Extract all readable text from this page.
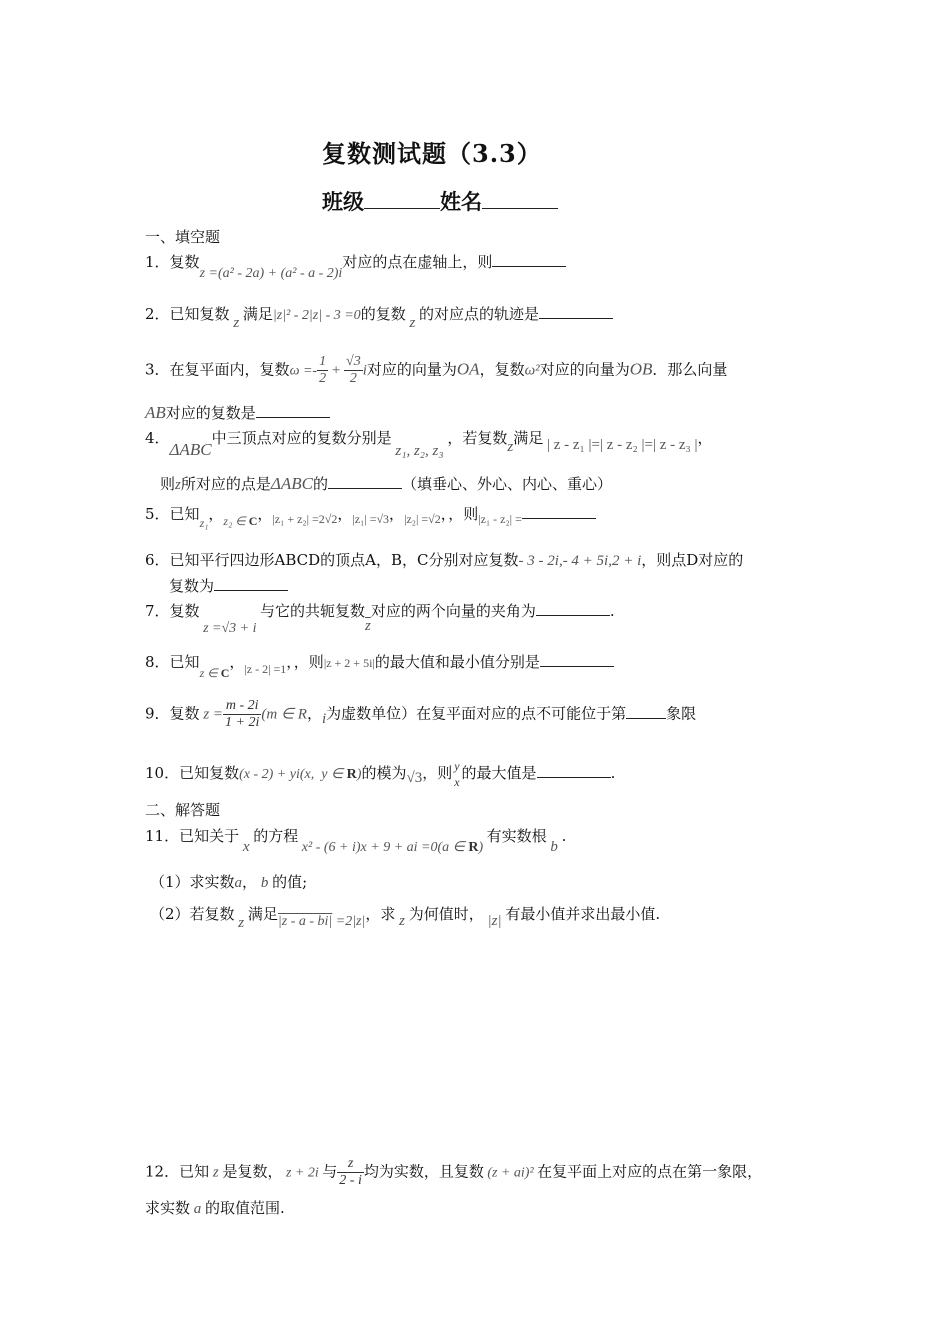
复数测试题（3.3）
班级	姓名
一、填空题
1．复数z =(a² - 2a) + (a² - a - 2)i对应的点在虚轴上，则
2．已知复数 z 满足|z|² - 2|z| - 3 =0的复数 z 的对应点的轨迹是
3．在复平面内，复数$\omega =- \frac{1}{2} + \frac{√3}{2}$ i对应的向量为OA，复数ω²对应的向量为OB．那么向量
AB对应的复数是
4．ΔABC中三顶点对应的复数分别是 z₁, z₂, z₃ ，若复数z满足 | z - z₁ |=| z - z₂ |=| z - z₃ |，
则z所对应的点是ΔABC的	（填垂心、外心、内心、重心）
5．已知$_{z_1}$，$_{z_2 \in C}$，$_{|z_1 + z_2| =2√2}$，$_{|z_1| =√3}$，$_{|z_2| =√2}$，，则$_{|z_1 - z_2| =}$
6．已知平行四边形ABCD的顶点A，B，C分别对应复数- 3 - 2i,- 4 + 5i,2 + i，则点D对应的
复数为
7．复数 z =√3 + i 与它的共轭复数$\overline{z}$对应的两个向量的夹角为	.
8．已知$_{z \in C}$，$_{|z - 2| =1}$，，则|z + 2 + 5i|的最大值和最小值分别是
9．复数 $z = \frac{m - 2i}{1 + 2i} (m$ ∈ R，i为虚数单位）在复平面对应的点不可能位于第	象限
10．已知复数(x - 2) + yi(x,  y ∈ R)的模为√3，则 y
x 的最大值是	.
二、解答题
11．已知关于 x 的方程 x² - (6 + i)x + 9 + ai =0(a ∈ R) 有实数根 b .
（1）求实数a， b 的值;
（2）若复数 z 满足|z - a - bi| =2|z|，求 z 为何值时， |z| 有最小值并求出最小值.
12．已知 z 是复数， z + 2i 与 $\frac{z}{2 - i}$ 均为实数，且复数 (z + ai)² 在复平面上对应的点在第一象限，
求实数 a 的取值范围.
